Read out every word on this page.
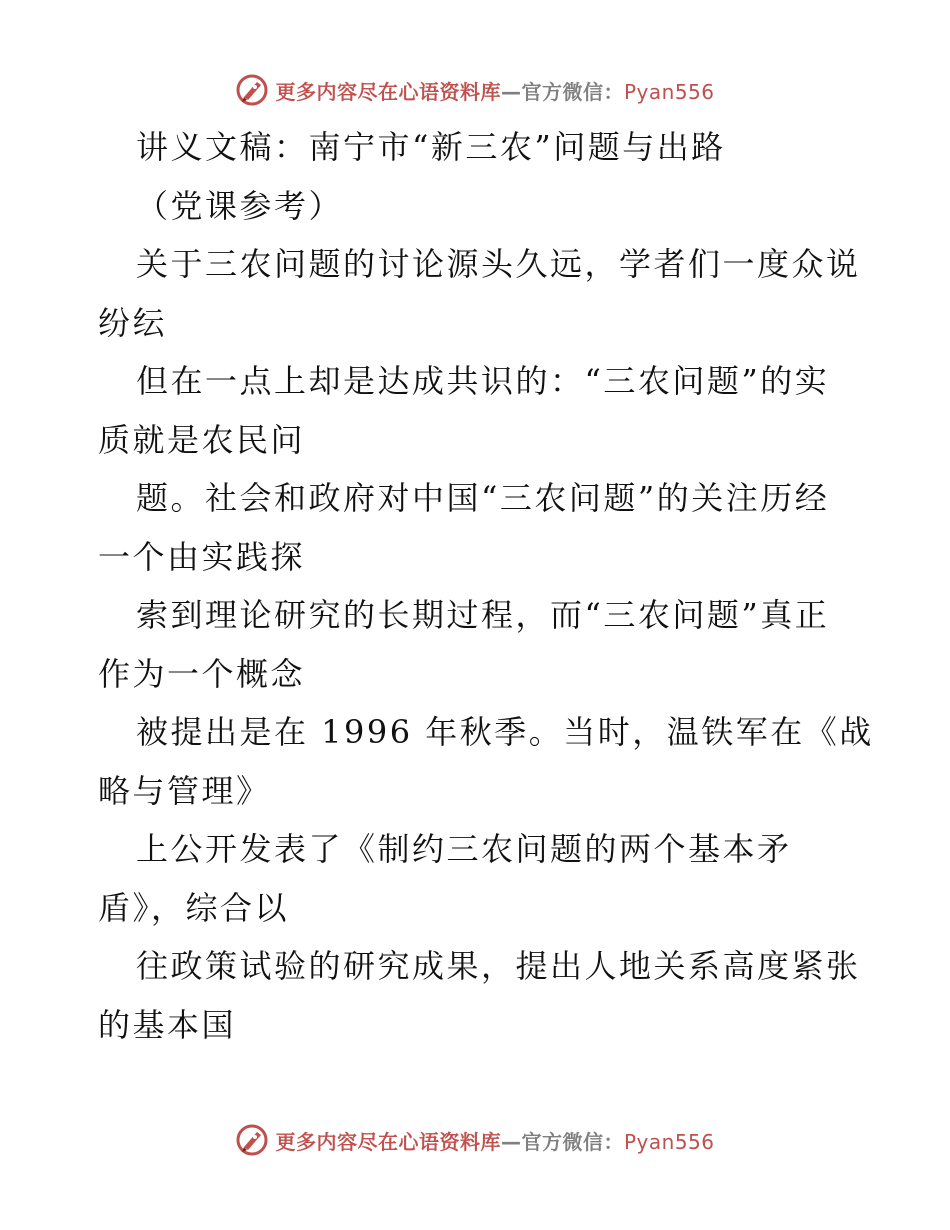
更多内容尽在心语资料库—官方微信：Pyan556
讲义文稿：南宁市“新三农”问题与出路
（党课参考）
关于三农问题的讨论源头久远，学者们一度众说
纷纭
但在一点上却是达成共识的：“三农问题”的实
质就是农民问
题。社会和政府对中国“三农问题”的关注历经
一个由实践探
索到理论研究的长期过程，而“三农问题”真正
作为一个概念
被提出是在 1996 年秋季。当时，温铁军在《战
略与管理》
上公开发表了《制约三农问题的两个基本矛
盾》，综合以
往政策试验的研究成果，提出人地关系高度紧张
的基本国
更多内容尽在心语资料库—官方微信：Pyan556
